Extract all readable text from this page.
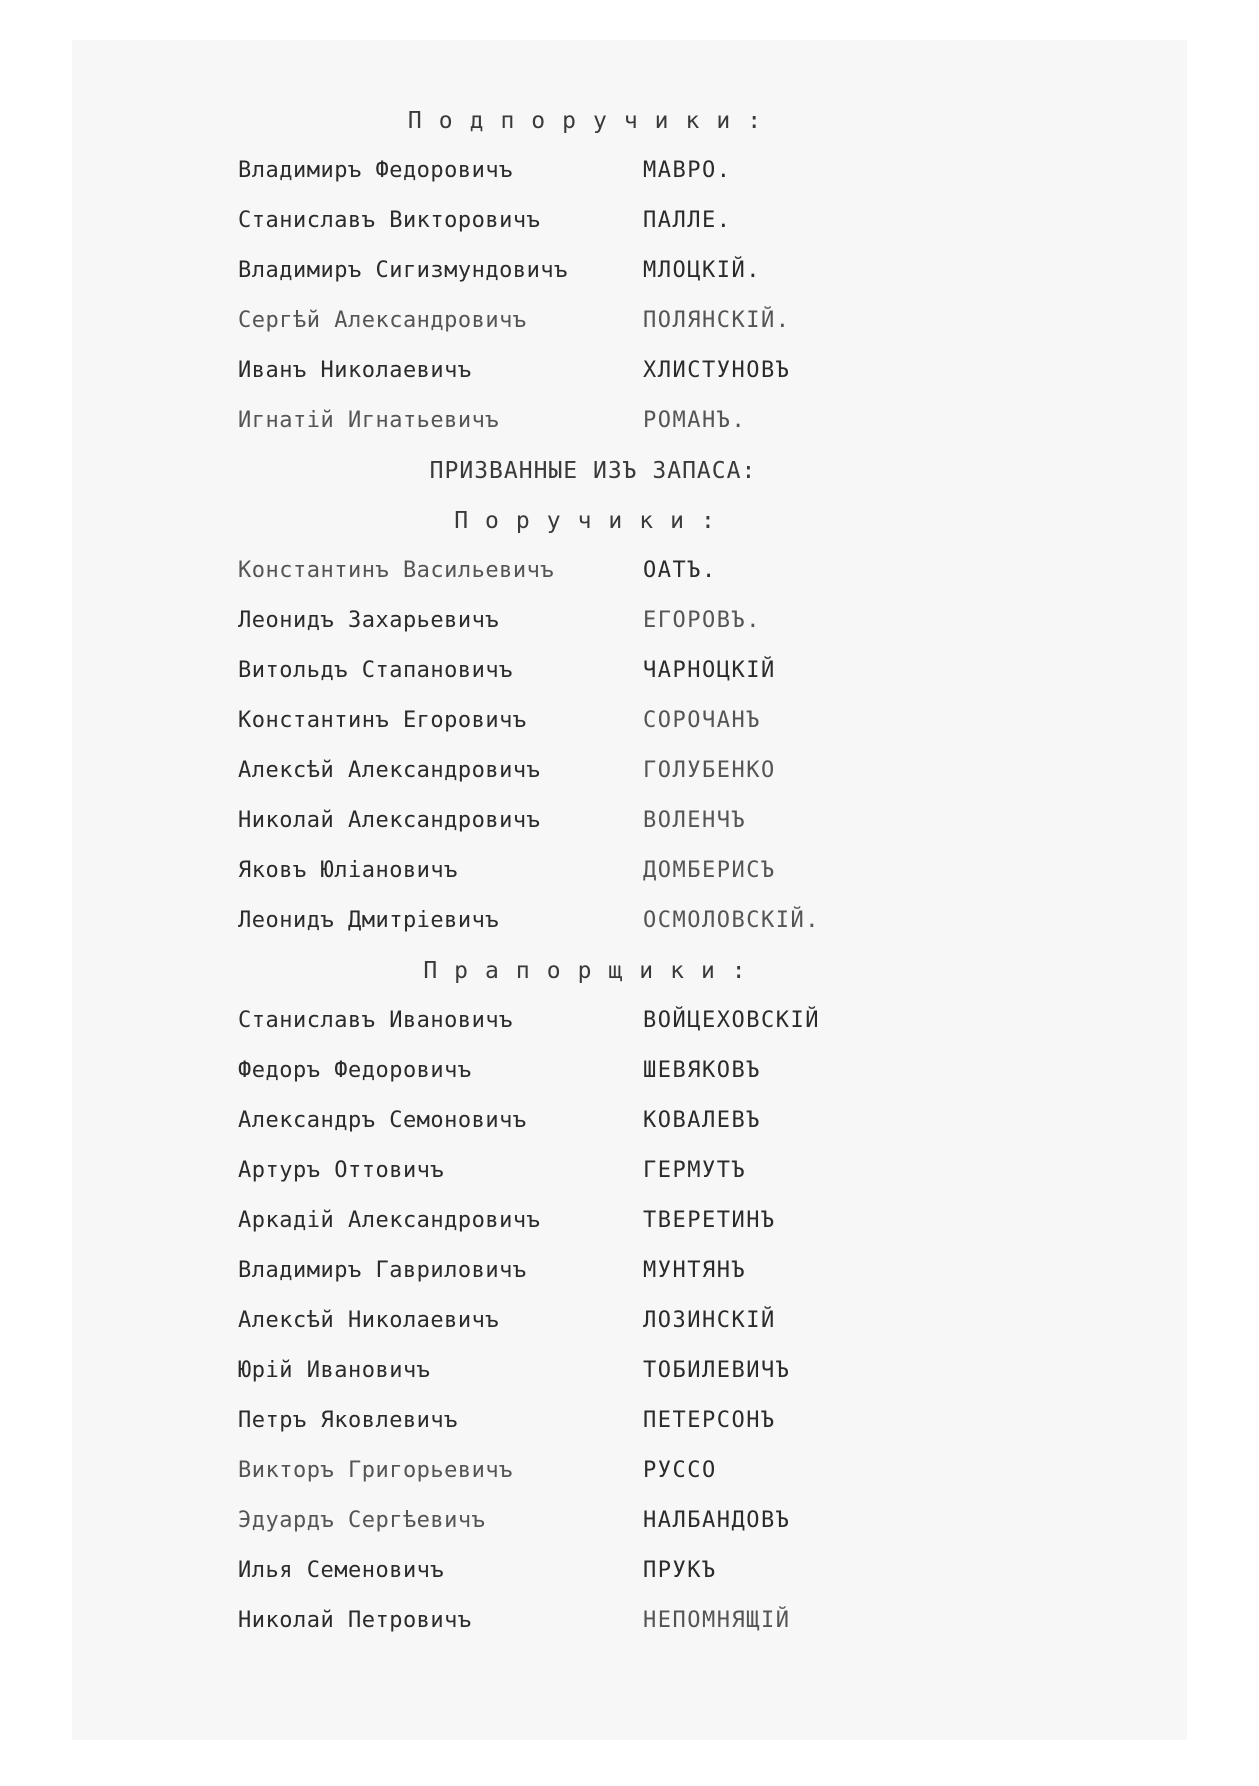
Подпоручики:
Владимиръ Федоровичъ	МАВРО.
Станиславъ Викторовичъ	ПАЛЛЕ.
Владимиръ Сигизмундовичъ	МЛОЦКІЙ.
Сергѣй Александровичъ	ПОЛЯНСКІЙ.
Иванъ Николаевичъ	ХЛИСТУНОВЪ
Игнатій Игнатьевичъ	РОМАНЪ.
ПРИЗВАННЫЕ ИЗЪ ЗАПАСА:
Поручики:
Константинъ Васильевичъ	ОАТЪ.
Леонидъ Захарьевичъ	ЕГОРОВЪ.
Витольдъ Стапановичъ	ЧАРНОЦКІЙ
Константинъ Егоровичъ	СОРОЧАНЪ
Алексѣй Александровичъ	ГОЛУБЕНКО
Николай Александровичъ	ВОЛЕНЧЪ
Яковъ Юліановичъ	ДОМБЕРИСЪ
Леонидъ Дмитріевичъ	ОСМОЛОВСКІЙ.
Прапорщики:
Станиславъ Ивановичъ	ВОЙЦЕХОВСКІЙ
Федоръ Федоровичъ	ШЕВЯКОВЪ
Александръ Семоновичъ	КОВАЛЕВЪ
Артуръ Оттовичъ	ГЕРМУТЪ
Аркадій Александровичъ	ТВЕРЕТИНЪ
Владимиръ Гавриловичъ	МУНТЯНЪ
Алексѣй Николаевичъ	ЛОЗИНСКІЙ
Юрій Ивановичъ	ТОБИЛЕВИЧЪ
Петръ Яковлевичъ	ПЕТЕРСОНЪ
Викторъ Григорьевичъ	РУССО
Эдуардъ Сергѣевичъ	НАЛБАНДОВЪ
Илья Семеновичъ	ПРУКЪ
Николай Петровичъ	НЕПОМНЯЩІЙ
